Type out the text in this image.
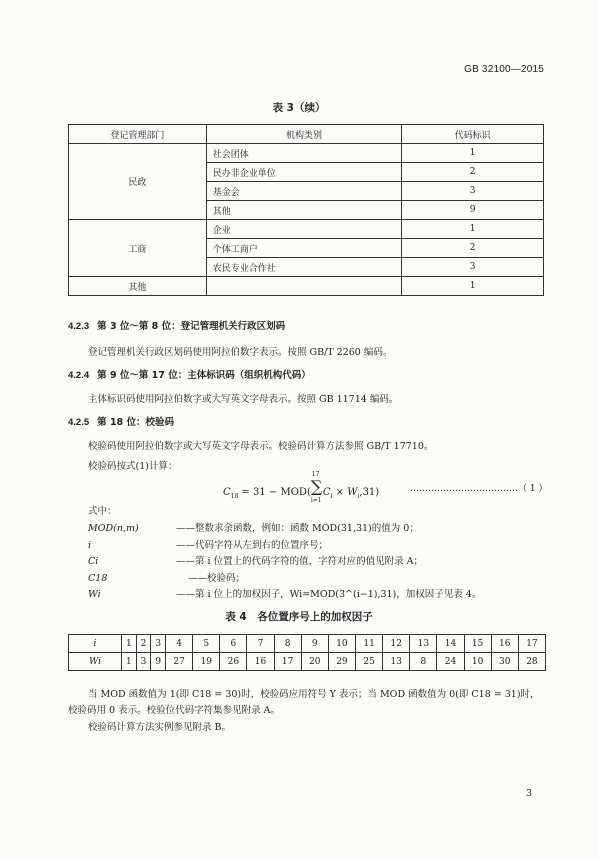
GB 32100—2015
表 3（续）
登记管理部门	机构类别	代码标识
民政	社会团体	1
	民办非企业单位	2
	基金会	3
	其他	9
工商	企业	1
	个体工商户	2
	农民专业合作社	3
其他		1
4.2.3 第 3 位～第 8 位：登记管理机关行政区划码
登记管理机关行政区划码使用阿拉伯数字表示。按照 GB/T 2260 编码。
4.2.4 第 9 位～第 17 位：主体标识码（组织机构代码）
主体标识码使用阿拉伯数字或大写英文字母表示。按照 GB 11714 编码。
4.2.5 第 18 位：校验码
校验码使用阿拉伯数字或大写英文字母表示。校验码计算方法参照 GB/T 17710。
校验码按式(1)计算：
$C_{18} = 31 - MOD$(
17
∑
i=1
$C_i \times W_i,31$)	………………………………（ 1 ）
式中：
MOD(n,m)	——整数求余函数，例如：函数 MOD(31,31)的值为 0；
i	——代码字符从左到右的位置序号；
Ci	——第 i 位置上的代码字符的值，字符对应的值见附录 A；
C18	——校验码；
Wi	——第 i 位上的加权因子，Wi=MOD(3^(i−1),31)，加权因子见表 4。
表 4　各位置序号上的加权因子
i	1	2	3	4	5	6	7	8	9	10	11	12	13	14	15	16	17
Wi	1	3	9	27	19	26	16	17	20	29	25	13	8	24	10	30	28
当 MOD 函数值为 1(即 C18 = 30)时，校验码应用符号 Y 表示；当 MOD 函数值为 0(即 C18 = 31)时，
校验码用 0 表示。校验位代码字符集参见附录 A。
校验码计算方法实例参见附录 B。
3
